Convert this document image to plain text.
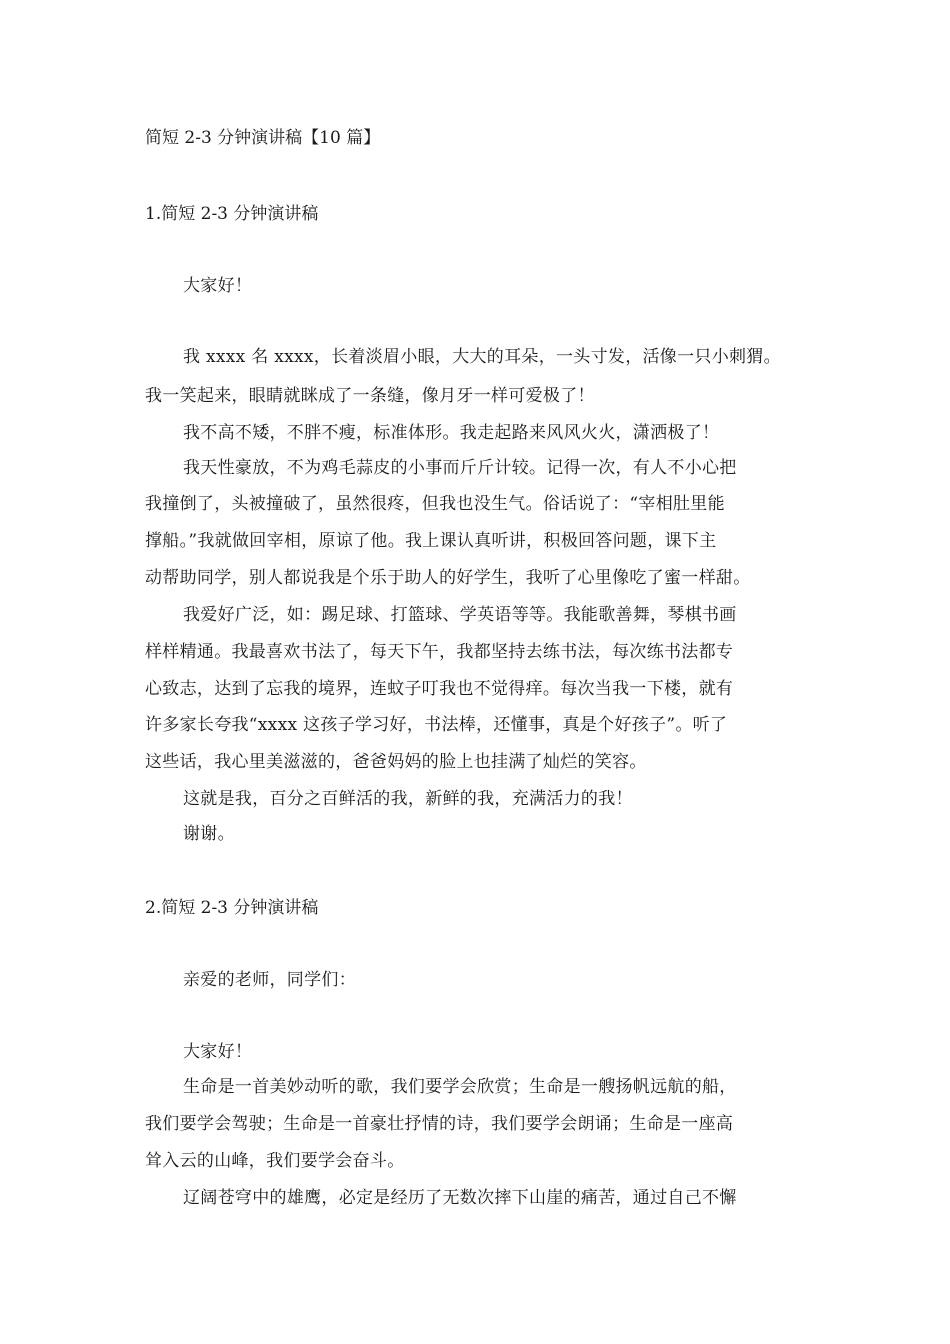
简短 2-3 分钟演讲稿【10 篇】
1.简短 2-3 分钟演讲稿
大家好！
我 xxxx 名 xxxx，长着淡眉小眼，大大的耳朵，一头寸发，活像一只小刺猬。
我一笑起来，眼睛就眯成了一条缝，像月牙一样可爱极了！
我不高不矮，不胖不瘦，标准体形。我走起路来风风火火，潇洒极了！
我天性豪放，不为鸡毛蒜皮的小事而斤斤计较。记得一次，有人不小心把
我撞倒了，头被撞破了，虽然很疼，但我也没生气。俗话说了：“宰相肚里能
撑船。”我就做回宰相，原谅了他。我上课认真听讲，积极回答问题，课下主
动帮助同学，别人都说我是个乐于助人的好学生，我听了心里像吃了蜜一样甜。
我爱好广泛，如：踢足球、打篮球、学英语等等。我能歌善舞，琴棋书画
样样精通。我最喜欢书法了，每天下午，我都坚持去练书法，每次练书法都专
心致志，达到了忘我的境界，连蚊子叮我也不觉得痒。每次当我一下楼，就有
许多家长夸我“xxxx 这孩子学习好，书法棒，还懂事，真是个好孩子”。听了
这些话，我心里美滋滋的，爸爸妈妈的脸上也挂满了灿烂的笑容。
这就是我，百分之百鲜活的我，新鲜的我，充满活力的我！
谢谢。
2.简短 2-3 分钟演讲稿
亲爱的老师，同学们：
大家好！
生命是一首美妙动听的歌，我们要学会欣赏；生命是一艘扬帆远航的船，
我们要学会驾驶；生命是一首豪壮抒情的诗，我们要学会朗诵；生命是一座高
耸入云的山峰，我们要学会奋斗。
辽阔苍穹中的雄鹰，必定是经历了无数次摔下山崖的痛苦，通过自己不懈
